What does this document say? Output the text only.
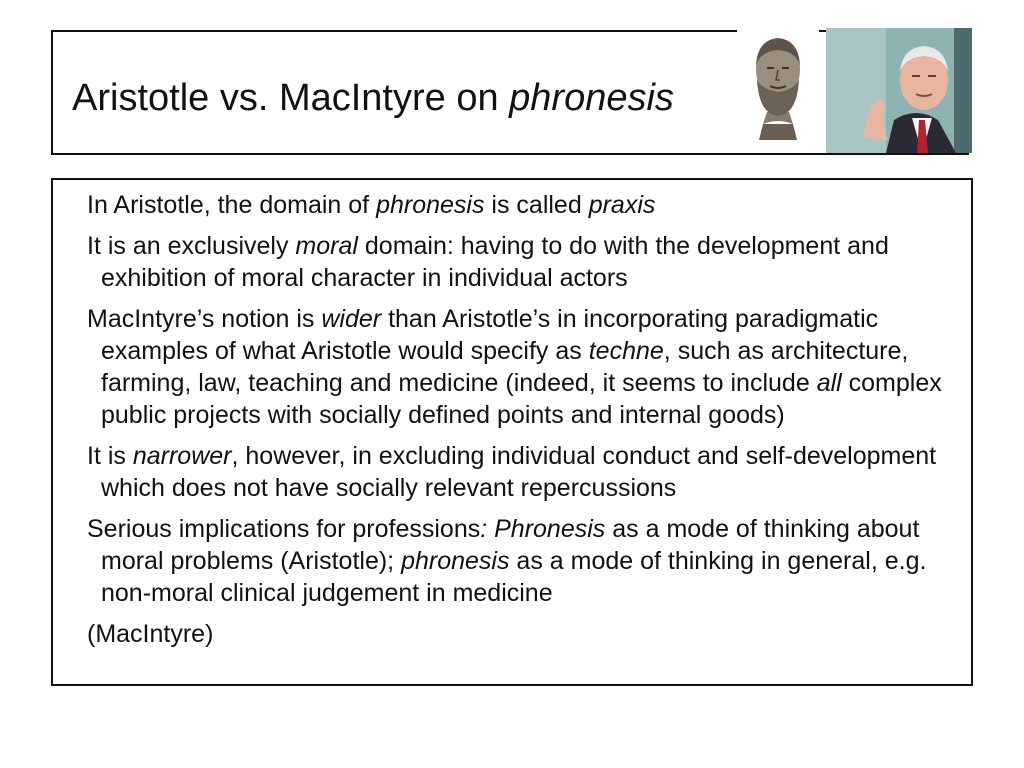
Aristotle vs. MacIntyre on phronesis
In Aristotle, the domain of phronesis is called praxis
It is an exclusively moral domain: having to do with the development and exhibition of moral character in individual actors
MacIntyre’s notion is wider than Aristotle’s in incorporating paradigmatic examples of what Aristotle would specify as techne, such as architecture, farming, law, teaching and medicine (indeed, it seems to include all complex public projects with socially defined points and internal goods)
It is narrower, however, in excluding individual conduct and self-development which does not have socially relevant repercussions
Serious implications for professions: Phronesis as a mode of thinking about moral problems (Aristotle); phronesis as a mode of thinking in general, e.g. non-moral clinical judgement in medicine
(MacIntyre)
